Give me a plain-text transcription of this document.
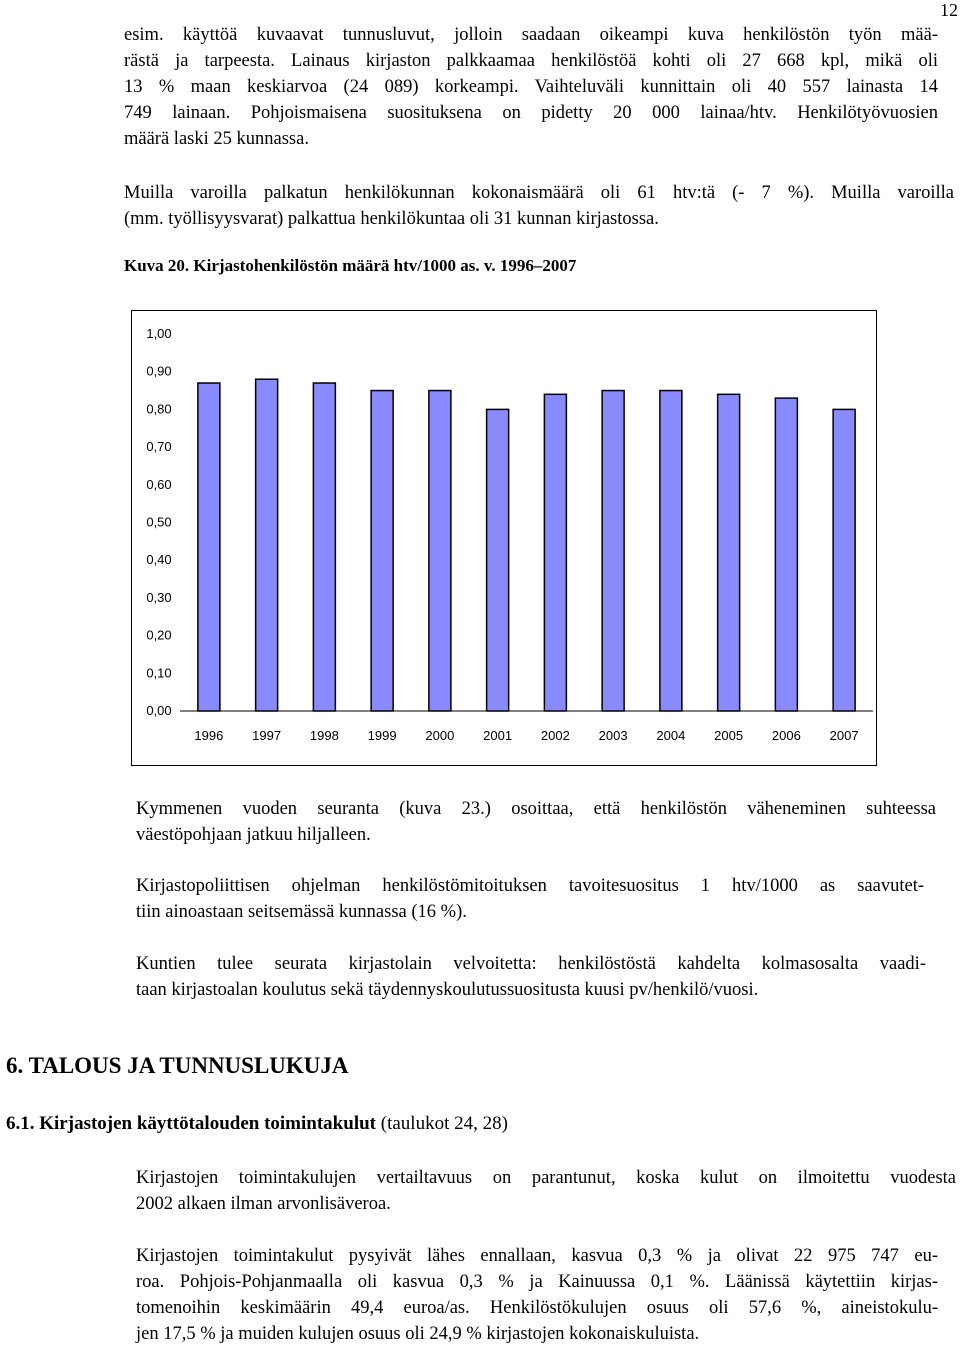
12
esim. käyttöä kuvaavat tunnusluvut, jolloin saadaan oikeampi kuva henkilöstön työn mää-
rästä ja tarpeesta. Lainaus kirjaston palkkaamaa henkilöstöä kohti oli 27 668 kpl, mikä oli
13 % maan keskiarvoa (24 089) korkeampi. Vaihteluväli kunnittain oli 40 557 lainasta 14
749 lainaan. Pohjoismaisena suosituksena on pidetty 20 000 lainaa/htv. Henkilötyövuosien
määrä laski 25 kunnassa.
Muilla varoilla palkatun henkilökunnan kokonaismäärä oli 61 htv:tä (- 7 %). Muilla varoilla
(mm. työllisyysvarat) palkattua henkilökuntaa oli 31 kunnan kirjastossa.
Kuva 20. Kirjastohenkilöstön määrä htv/1000 as. v. 1996–2007
0,00
0,10
0,20
0,30
0,40
0,50
0,60
0,70
0,80
0,90
1,00
1996 1997 1998 1999 2000 2001 2002 2003 2004 2005 2006 2007
Kymmenen vuoden seuranta (kuva 23.) osoittaa, että henkilöstön väheneminen suhteessa
väestöpohjaan jatkuu hiljalleen.
Kirjastopoliittisen ohjelman henkilöstömitoituksen tavoitesuositus 1 htv/1000 as saavutet-
tiin ainoastaan seitsemässä kunnassa (16 %).
Kuntien tulee seurata kirjastolain velvoitetta: henkilöstöstä kahdelta kolmasosalta vaadi-
taan kirjastoalan koulutus sekä täydennyskoulutussuositusta kuusi pv/henkilö/vuosi.
6. TALOUS JA TUNNUSLUKUJA
6.1. Kirjastojen käyttötalouden toimintakulut (taulukot 24, 28)
Kirjastojen toimintakulujen vertailtavuus on parantunut, koska kulut on ilmoitettu vuodesta
2002 alkaen ilman arvonlisäveroa.
Kirjastojen toimintakulut pysyivät lähes ennallaan, kasvua 0,3 % ja olivat 22 975 747 eu-
roa. Pohjois-Pohjanmaalla oli kasvua 0,3 % ja Kainuussa 0,1 %. Läänissä käytettiin kirjas-
tomenoihin keskimäärin 49,4 euroa/as. Henkilöstökulujen osuus oli 57,6 %, aineistokulu-
jen 17,5 % ja muiden kulujen osuus oli 24,9 % kirjastojen kokonaiskuluista.
